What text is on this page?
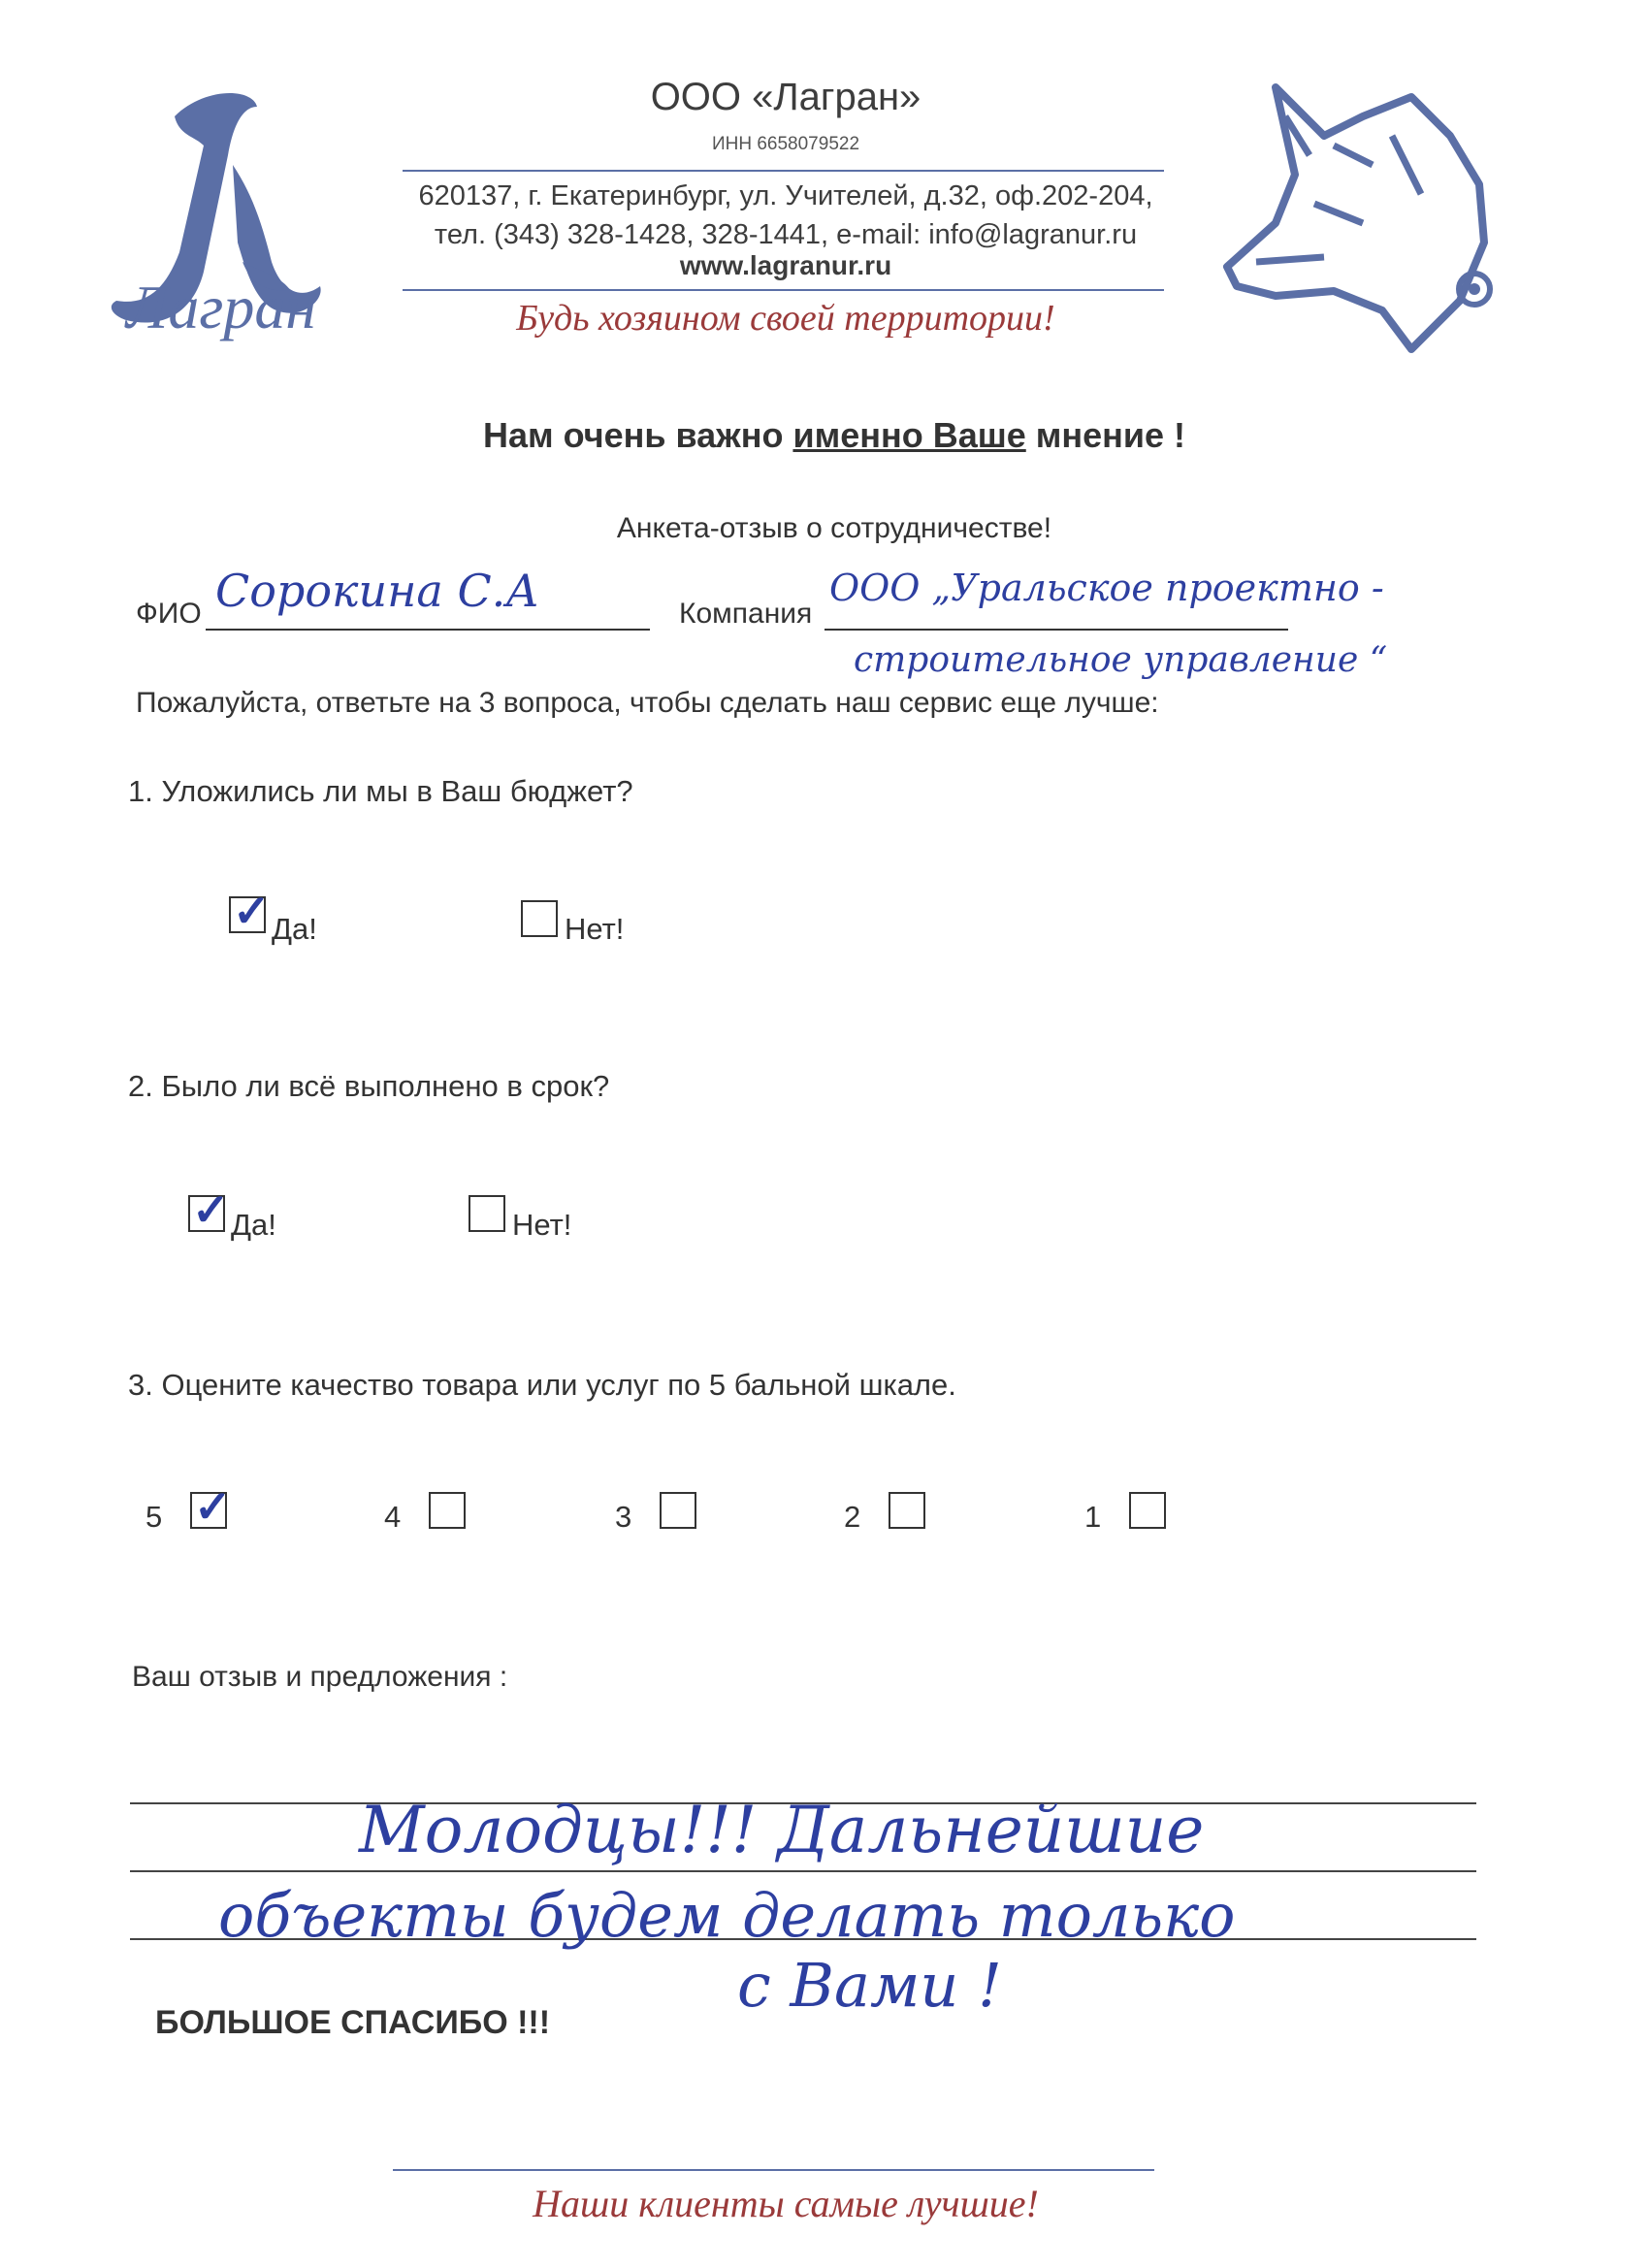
Лагран
ООО «Лагран»
ИНН 6658079522
620137, г. Екатеринбург, ул. Учителей, д.32, оф.202-204,
тел. (343) 328-1428, 328-1441, e-mail: info@lagranur.ru
www.lagranur.ru
Будь хозяином своей территории!
Нам очень важно именно Ваше мнение !
Анкета-отзыв о сотрудничестве!
ФИО Сорокина С.А	Компания
ООО „Уральское проектно -
строительное управление “
Пожалуйста, ответьте на 3 вопроса, чтобы сделать наш сервис еще лучше:
1. Уложились ли мы в Ваш бюджет?
✓ Да!	Нет!
2. Было ли всё выполнено в срок?
✓ Да!	Нет!
3. Оцените качество товара или услуг по 5 бальной шкале.
5 ✓	4	3	2	1
Ваш отзыв и предложения :
Молодцы!!! Дальнейшие
объекты будем делать только
с Вами !
БОЛЬШОЕ СПАСИБО !!!
Наши клиенты самые лучшие!
